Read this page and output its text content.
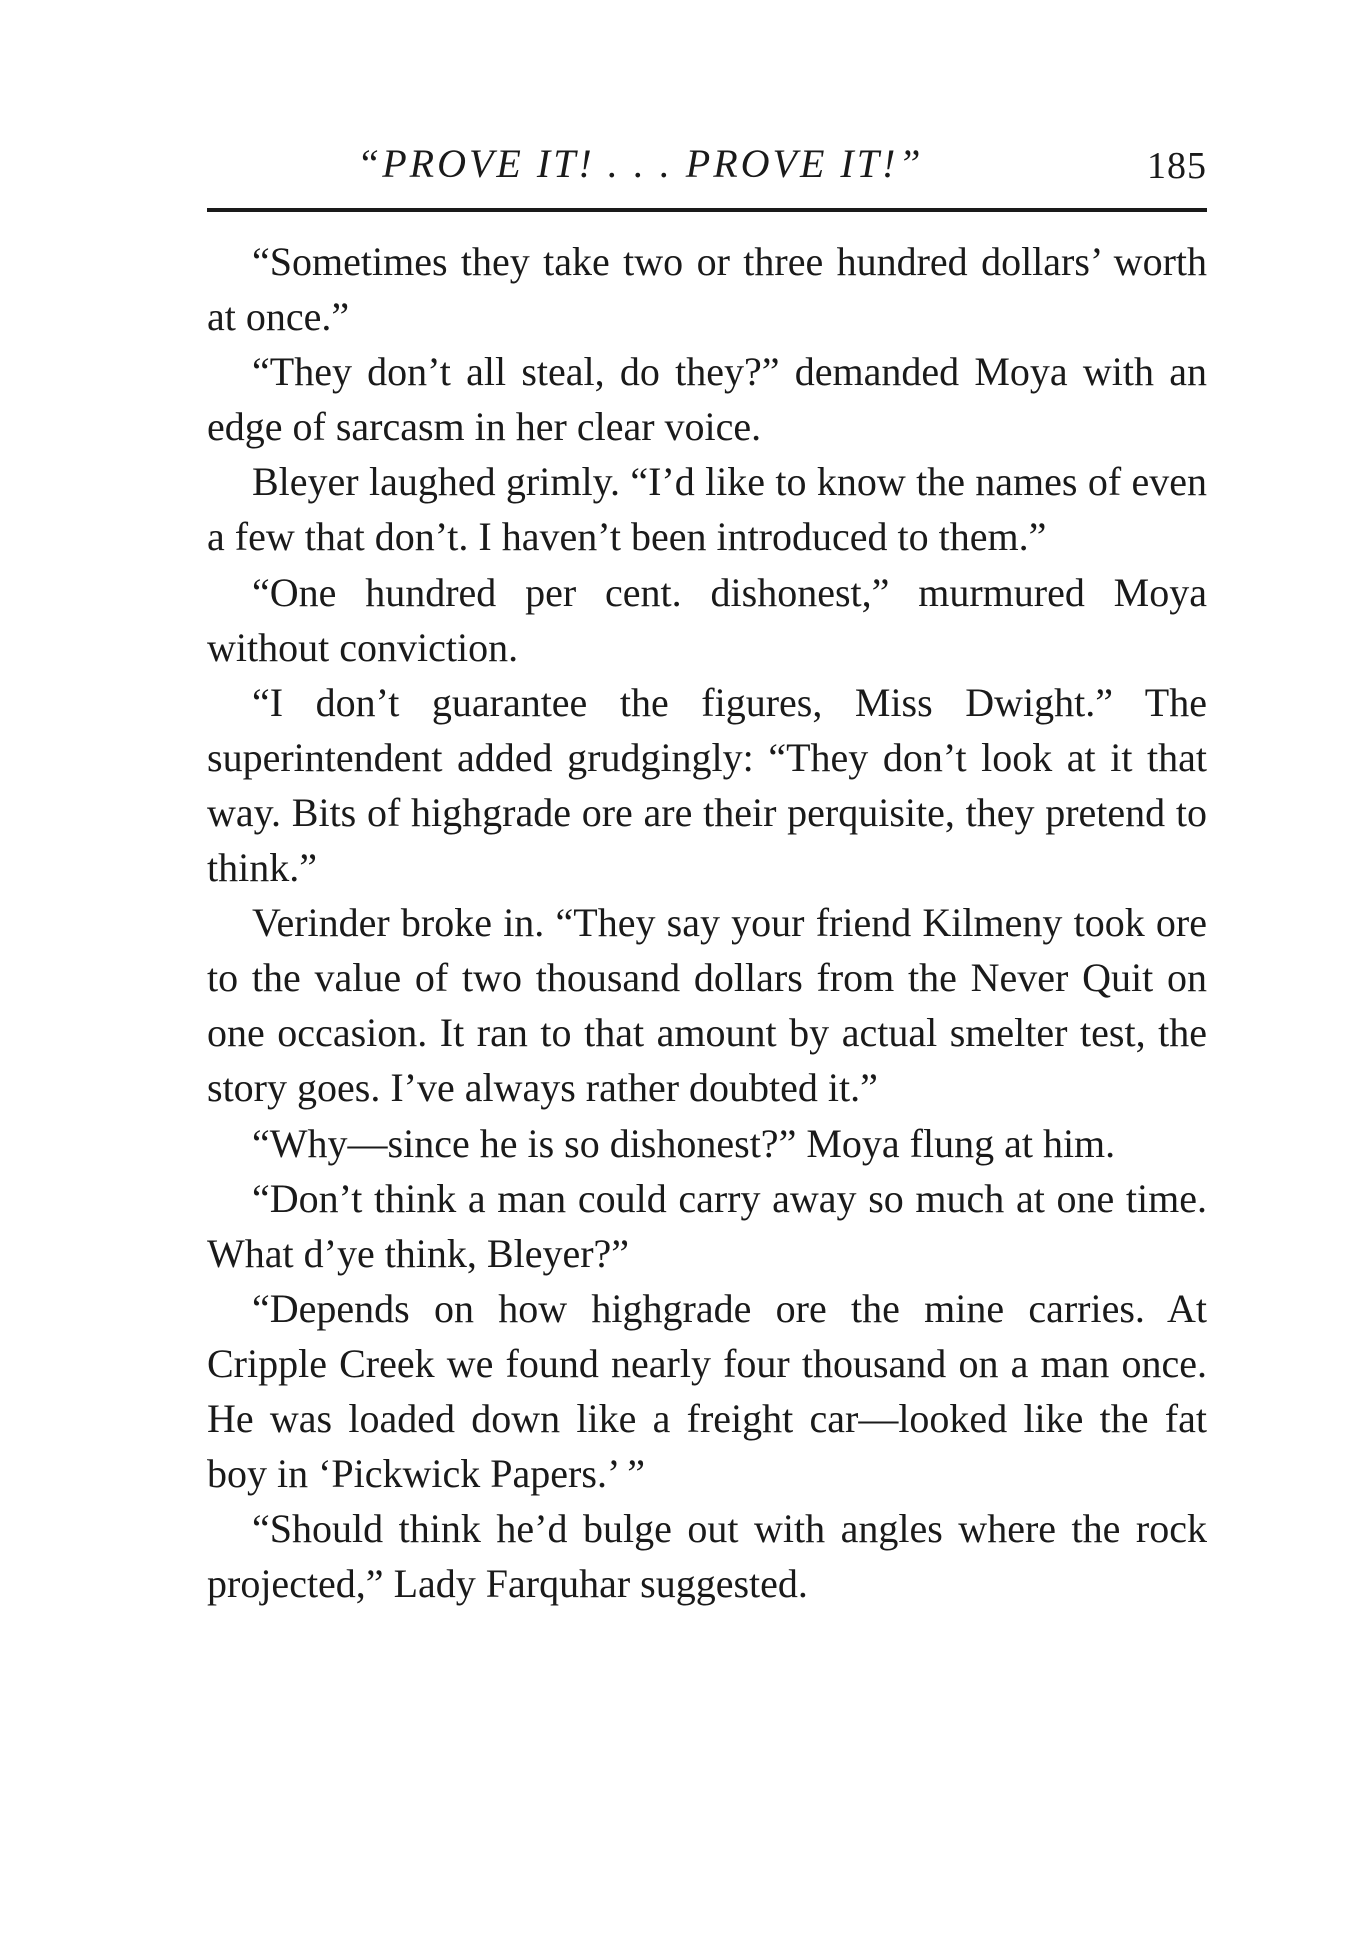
“PROVE IT! . . . PROVE IT!”	185

“Sometimes they take two or three hundred dollars’ worth at once.”

“They don’t all steal, do they?” demanded Moya with an edge of sarcasm in her clear voice.

Bleyer laughed grimly. “I’d like to know the names of even a few that don’t. I haven’t been introduced to them.”

“One hundred per cent. dishonest,” murmured Moya without conviction.

“I don’t guarantee the figures, Miss Dwight.” The superintendent added grudgingly: “They don’t look at it that way. Bits of highgrade ore are their perquisite, they pretend to think.”

Verinder broke in. “They say your friend Kilmeny took ore to the value of two thousand dollars from the Never Quit on one occasion. It ran to that amount by actual smelter test, the story goes. I’ve always rather doubted it.”

“Why—since he is so dishonest?” Moya flung at him.

“Don’t think a man could carry away so much at one time. What d’ye think, Bleyer?”

“Depends on how highgrade ore the mine carries. At Cripple Creek we found nearly four thousand on a man once. He was loaded down like a freight car—looked like the fat boy in ‘Pickwick Papers.’ ”

“Should think he’d bulge out with angles where the rock projected,” Lady Farquhar suggested.
